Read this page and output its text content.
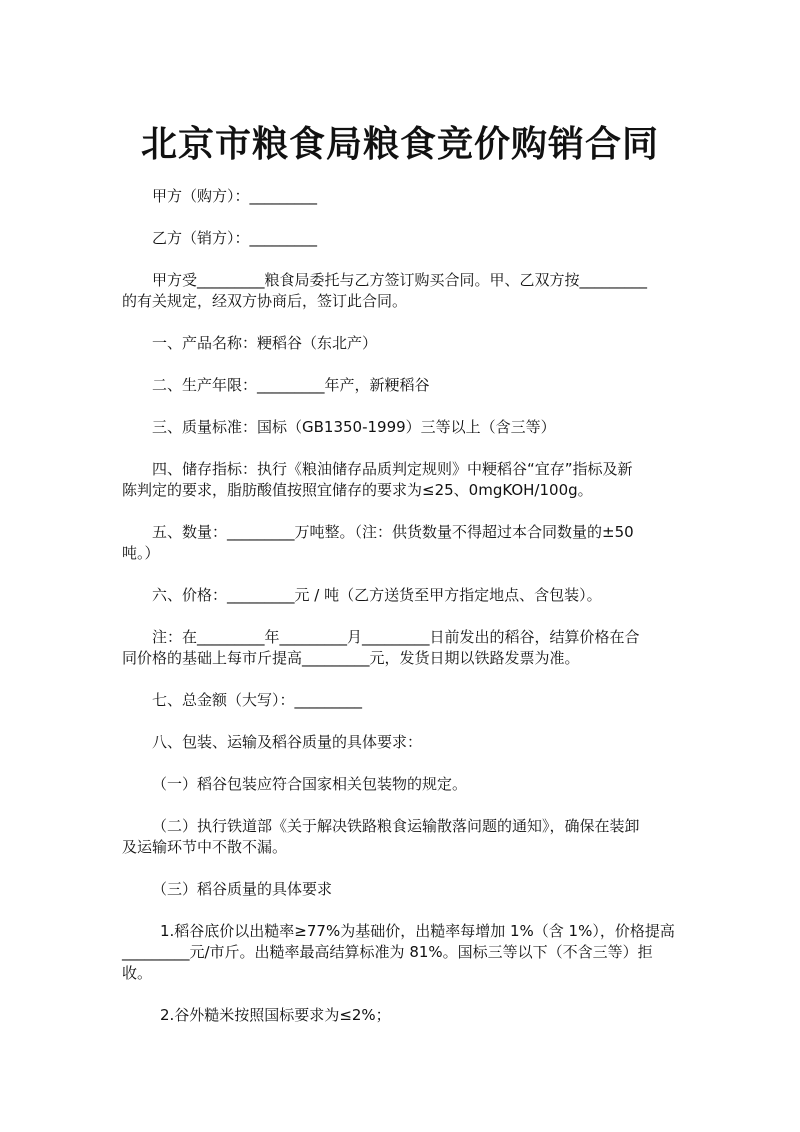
北京市粮食局粮食竞价购销合同

甲方（购方）：_________

乙方（销方）：_________

甲方受_________粮食局委托与乙方签订购买合同。甲、乙双方按_________

的有关规定，经双方协商后，签订此合同。

一、产品名称：粳稻谷（东北产）

二、生产年限：_________年产，新粳稻谷

三、质量标准：国标（GB1350-1999）三等以上（含三等）

四、储存指标：执行《粮油储存品质判定规则》中粳稻谷“宜存”指标及新

陈判定的要求，脂肪酸值按照宜储存的要求为≤25、0mgKOH/100g。

五、数量：_________万吨整。（注：供货数量不得超过本合同数量的±50

吨。）

六、价格：_________元 / 吨（乙方送货至甲方指定地点、含包装）。

注：在_________年_________月_________日前发出的稻谷，结算价格在合

同价格的基础上每市斤提高_________元，发货日期以铁路发票为准。

七、总金额（大写）：_________

八、包装、运输及稻谷质量的具体要求：

（一）稻谷包装应符合国家相关包装物的规定。

（二）执行铁道部《关于解决铁路粮食运输散落问题的通知》，确保在装卸

及运输环节中不散不漏。

（三）稻谷质量的具体要求

1.稻谷底价以出糙率≥77%为基础价，出糙率每增加 1%（含 1%），价格提高

_________元/市斤。出糙率最高结算标准为 81%。国标三等以下（不含三等）拒

收。

2.谷外糙米按照国标要求为≤2%；
